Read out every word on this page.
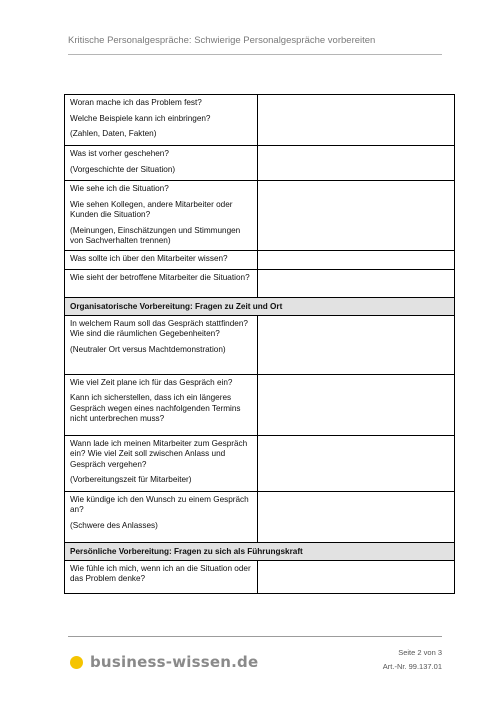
Kritische Personalgespräche: Schwierige Personalgespräche vorbereiten
Woran mache ich das Problem fest?
Welche Beispiele kann ich einbringen?
(Zahlen, Daten, Fakten)	

Was ist vorher geschehen?
(Vorgeschichte der Situation)	

Wie sehe ich die Situation?
Wie sehen Kollegen, andere Mitarbeiter oder Kunden die Situation?
(Meinungen, Einschätzungen und Stimmungen von Sachverhalten trennen)	

Was sollte ich über den Mitarbeiter wissen?	

Wie sieht der betroffene Mitarbeiter die Situation?	

Organisatorische Vorbereitung: Fragen zu Zeit und Ort	

In welchem Raum soll das Gespräch stattfinden? Wie sind die räumlichen Gegebenheiten?
(Neutraler Ort versus Machtdemonstration)	

Wie viel Zeit plane ich für das Gespräch ein?
Kann ich sicherstellen, dass ich ein längeres Gespräch wegen eines nachfolgenden Termins nicht unterbrechen muss?	

Wann lade ich meinen Mitarbeiter zum Gespräch ein? Wie viel Zeit soll zwischen Anlass und Gespräch vergehen?
(Vorbereitungszeit für Mitarbeiter)	

Wie kündige ich den Wunsch zu einem Gespräch an?
(Schwere des Anlasses)	

Persönliche Vorbereitung: Fragen zu sich als Führungskraft	

Wie fühle ich mich, wenn ich an die Situation oder das Problem denke?	

business-wissen.de
Seite 2 von 3
Art.-Nr. 99.137.01
